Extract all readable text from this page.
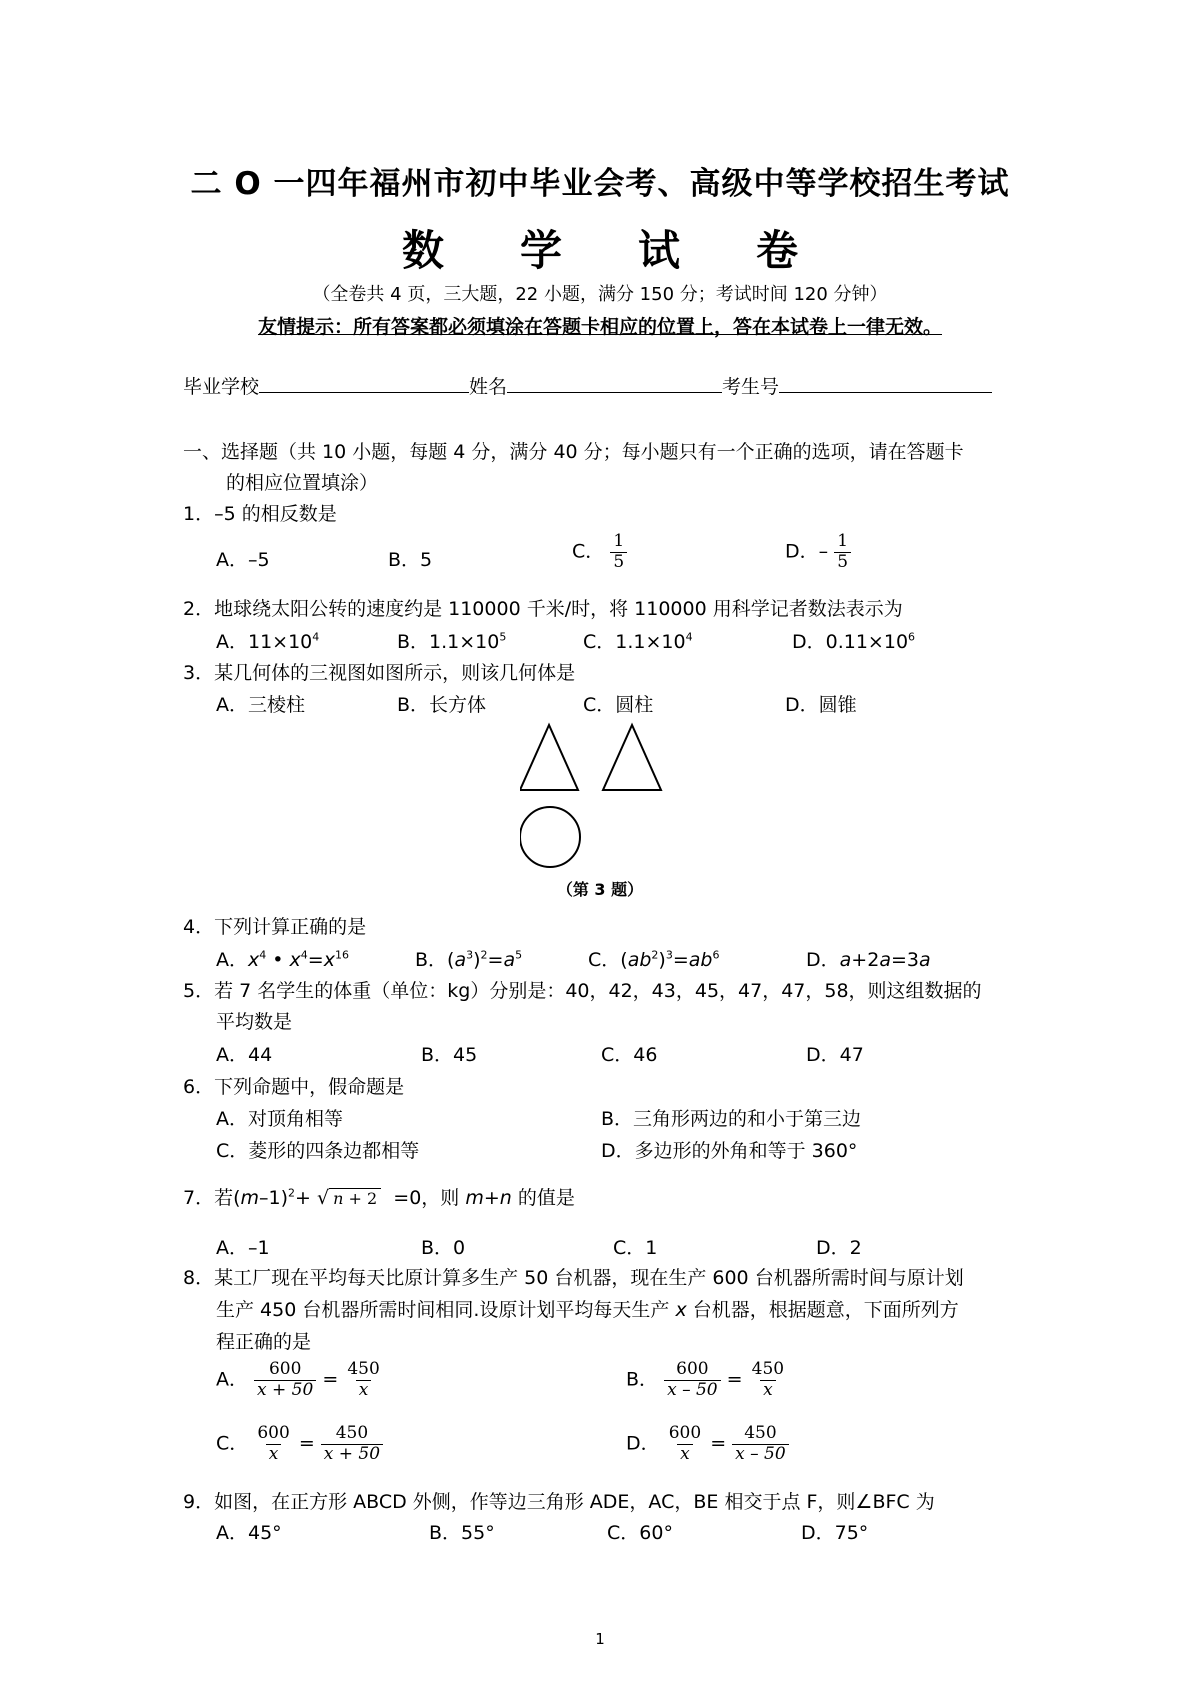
二 O 一四年福州市初中毕业会考、高级中等学校招生考试
数 学 试 卷
（全卷共 4 页，三大题，22 小题，满分 150 分；考试时间 120 分钟）
友情提示：所有答案都必须填涂在答题卡相应的位置上，答在本试卷上一律无效。
毕业学校	姓名	考生号
一、选择题（共 10 小题，每题 4 分，满分 40 分；每小题只有一个正确的选项，请在答题卡
的相应位置填涂）
1．–5 的相反数是
A．–5	B．5	C． $\frac{1}{5}$	D．– $\frac{1}{5}$
2．地球绕太阳公转的速度约是 110000 千米/时，将 110000 用科学记者数法表示为
A．$11\times 10^4$	B．$1.1\times 10^5$	C．$1.1\times 10^4$	D．$0.11\times 10^6$
3．某几何体的三视图如图所示，则该几何体是
A．三棱柱	B．长方体	C．圆柱	D．圆锥
（第 3 题）
4．下列计算正确的是
A．$x^4$ • $x^4=x^{16}$	B．$(a^3)^2=a^5$	C．$(ab^2)^3=ab^6$	D．a+2a=3a
5．若 7 名学生的体重（单位：kg）分别是：40，42，43，45，47，47，58，则这组数据的
平均数是
A．44	B．45	C．46	D．47
6．下列命题中，假命题是
A．对顶角相等	B．三角形两边的和小于第三边
C．菱形的四条边都相等	D．多边形的外角和等于 360°
7．若$(m-1)^2+$ √ n + 2 =0，则 m+n 的值是
A．–1	B．0	C．1	D．2
8．某工厂现在平均每天比原计算多生产 50 台机器，现在生产 600 台机器所需时间与原计划
生产 450 台机器所需时间相同.设原计划平均每天生产 x 台机器，根据题意，下面所列方
程正确的是
A． $\frac{600}{x + 50} = \frac{450}{x}$	B． $\frac{600}{x - 50} = \frac{450}{x}$
C． $\frac{600}{x} = \frac{450}{x + 50}$	D． $\frac{600}{x} = \frac{450}{x - 50}$
9．如图，在正方形 ABCD 外侧，作等边三角形 ADE，AC，BE 相交于点 F，则∠BFC 为
A．45°	B．55°	C．60°	D．75°
1
